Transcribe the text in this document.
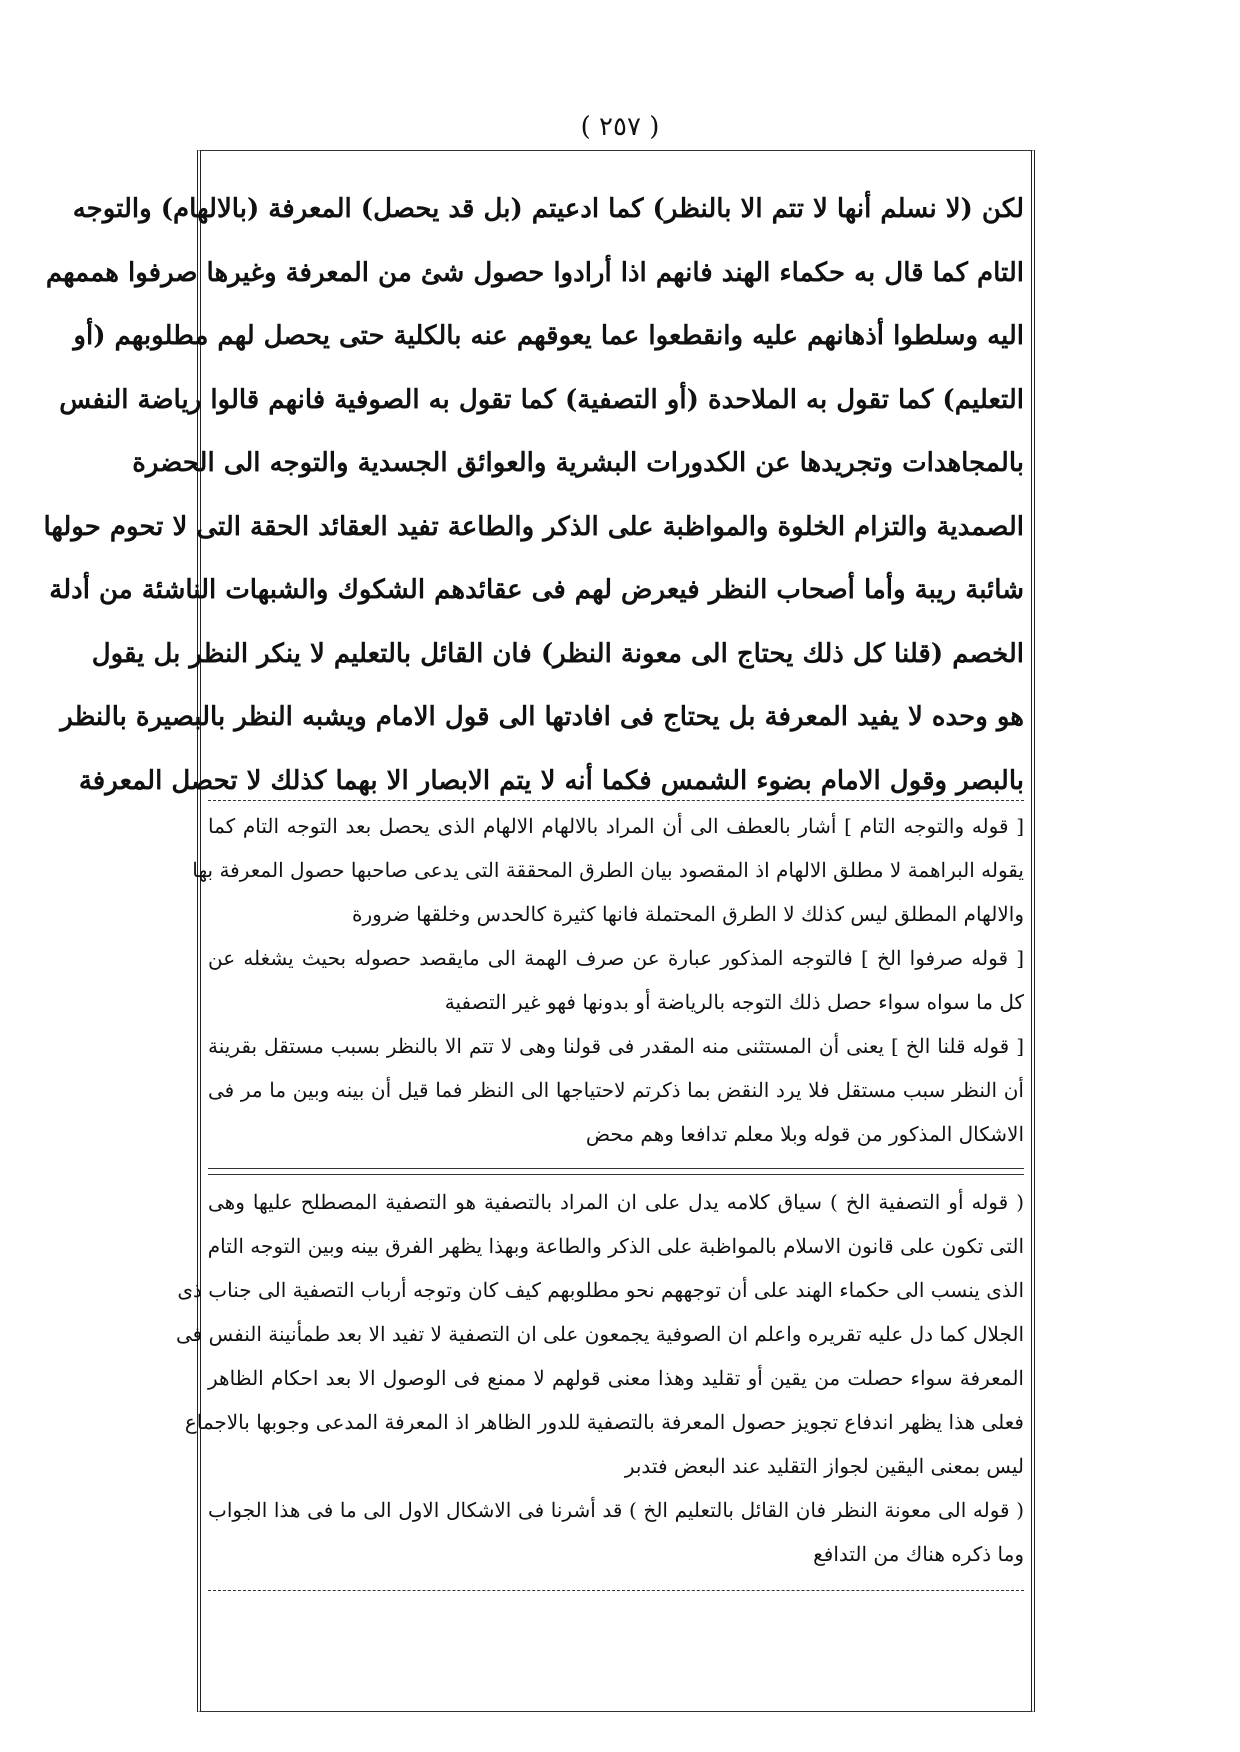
( ٢٥٧ )
لكن (لا نسلم أنها لا تتم الا بالنظر) كما ادعيتم (بل قد يحصل) المعرفة (بالالهام) والتوجه
التام كما قال به حكماء الهند فانهم اذا أرادوا حصول شئ من المعرفة وغيرها صرفوا هممهم
اليه وسلطوا أذهانهم عليه وانقطعوا عما يعوقهم عنه بالكلية حتى يحصل لهم مطلوبهم (أو
التعليم) كما تقول به الملاحدة (أو التصفية) كما تقول به الصوفية فانهم قالوا رياضة النفس
بالمجاهدات وتجريدها عن الكدورات البشرية والعوائق الجسدية والتوجه الى الحضرة
الصمدية والتزام الخلوة والمواظبة على الذكر والطاعة تفيد العقائد الحقة التى لا تحوم حولها
شائبة ريبة وأما أصحاب النظر فيعرض لهم فى عقائدهم الشكوك والشبهات الناشئة من أدلة
الخصم (قلنا كل ذلك يحتاج الى معونة النظر) فان القائل بالتعليم لا ينكر النظر بل يقول
هو وحده لا يفيد المعرفة بل يحتاج فى افادتها الى قول الامام ويشبه النظر بالبصيرة بالنظر
بالبصر وقول الامام بضوء الشمس فكما أنه لا يتم الابصار الا بهما كذلك لا تحصل المعرفة
[ قوله والتوجه التام ] أشار بالعطف الى أن المراد بالالهام الالهام الذى يحصل بعد التوجه التام كما
يقوله البراهمة لا مطلق الالهام اذ المقصود بيان الطرق المحققة التى يدعى صاحبها حصول المعرفة بها
والالهام المطلق ليس كذلك لا الطرق المحتملة فانها كثيرة كالحدس وخلقها ضرورة
[ قوله صرفوا الخ ] فالتوجه المذكور عبارة عن صرف الهمة الى مايقصد حصوله بحيث يشغله عن
كل ما سواه سواء حصل ذلك التوجه بالرياضة أو بدونها فهو غير التصفية
[ قوله قلنا الخ ] يعنى أن المستثنى منه المقدر فى قولنا وهى لا تتم الا بالنظر بسبب مستقل بقرينة
أن النظر سبب مستقل فلا يرد النقض بما ذكرتم لاحتياجها الى النظر فما قيل أن بينه وبين ما مر فى
الاشكال المذكور من قوله وبلا معلم تدافعا وهم محض
( قوله أو التصفية الخ ) سياق كلامه يدل على ان المراد بالتصفية هو التصفية المصطلح عليها وهى
التى تكون على قانون الاسلام بالمواظبة على الذكر والطاعة وبهذا يظهر الفرق بينه وبين التوجه التام
الذى ينسب الى حكماء الهند على أن توجههم نحو مطلوبهم كيف كان وتوجه أرباب التصفية الى جناب ذى
الجلال كما دل عليه تقريره واعلم ان الصوفية يجمعون على ان التصفية لا تفيد الا بعد طمأنينة النفس فى
المعرفة سواء حصلت من يقين أو تقليد وهذا معنى قولهم لا ممنع فى الوصول الا بعد احكام الظاهر
فعلى هذا يظهر اندفاع تجويز حصول المعرفة بالتصفية للدور الظاهر اذ المعرفة المدعى وجوبها بالاجماع
ليس بمعنى اليقين لجواز التقليد عند البعض فتدبر
( قوله الى معونة النظر فان القائل بالتعليم الخ ) قد أشرنا فى الاشكال الاول الى ما فى هذا الجواب
وما ذكره هناك من التدافع
